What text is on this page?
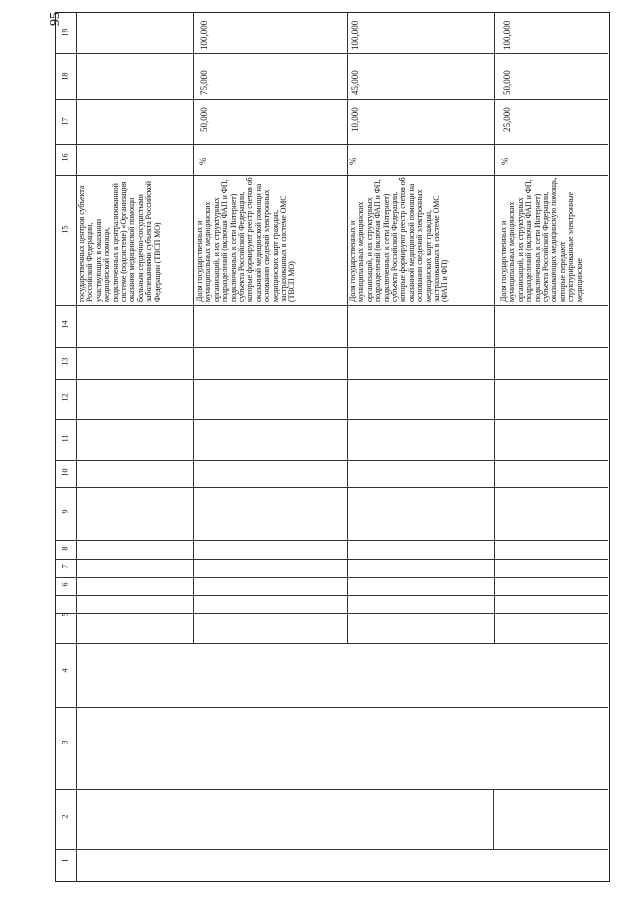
95
19
18
17
16
15
14
13
12
11
10
9
8
7
6
5
4
3
2
1
государственных центров субъекта Российской Федерации, участвующих в оказании медицинской помощи, подключенных к централизованной системе (подсистеме) «Организация оказания медицинской помощи больным сердечно-сосудистыми заболеваниями субъекта Российской Федерации (ТВСП МО)
100,000
%
Доля государственных и муниципальных медицинских организаций, и их структурных подразделений (включая ФАП и ФП, подключенных к сети Интернет) субъекта Российской Федерации, которые формируют реестр счетов об оказанной медицинской помощи на основании сведений электронных медицинских карт граждан, застрахованных в системе ОМС (ТВСП МО)
50,000
75,000
%
Доля государственных и муниципальных медицинских организаций, и их структурных подразделений (включая ФАП и ФП, подключенных к сети Интернет) субъекта Российской Федерации, которые формируют реестр счетов об оказанной медицинской помощи на основании сведений электронных медицинских карт граждан, застрахованных в системе ОМС (ФАП и ФП)
10,000
45,000
100,000
%
Доля государственных и муниципальных медицинских организаций, и их структурных подразделений (включая ФАП и ФП, подключенных к сети Интернет) субъекта Российской Федерации, оказывающих медицинскую помощь, которые передают структурированные электронные медицинские
25,000
50,000
100,000
